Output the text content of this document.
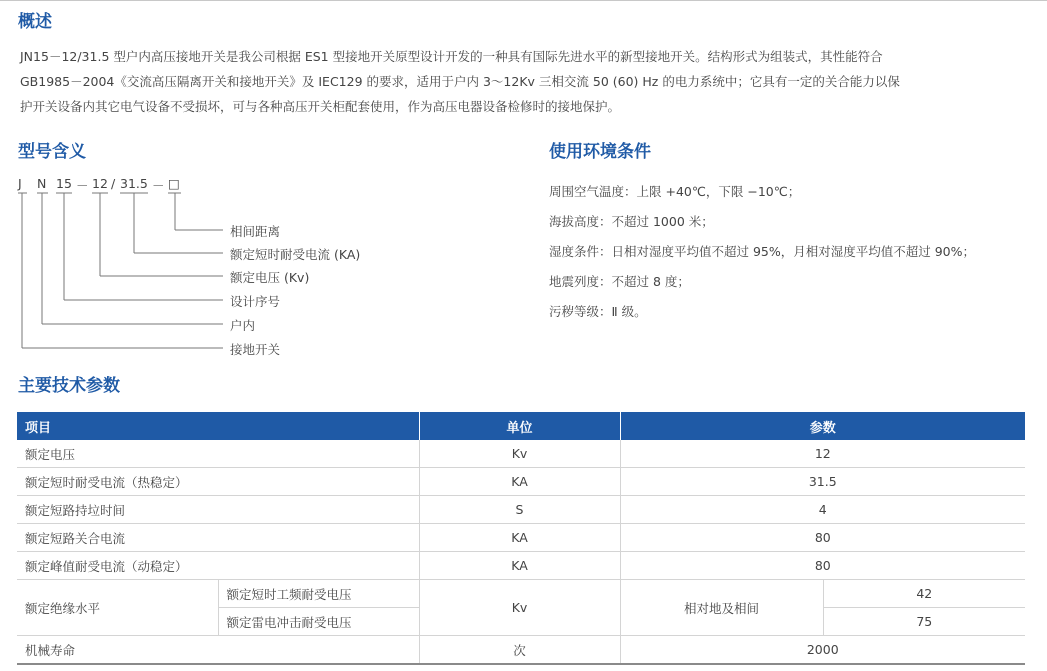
概述
JN15－12/31.5 型户内高压接地开关是我公司根据 ES1 型接地开关原型设计开发的一种具有国际先进水平的新型接地开关。结构形式为组装式，其性能符合
GB1985－2004《交流高压隔离开关和接地开关》及 IEC129 的要求，适用于户内 3～12Kv 三相交流 50 (60) Hz 的电力系统中；它具有一定的关合能力以保
护开关设备内其它电气设备不受损坏，可与各种高压开关柜配套使用，作为高压电器设备检修时的接地保护。
型号含义
J N 15 － 12 / 31.5 － □
相间距离
额定短时耐受电流 (KA)
额定电压 (Kv)
设计序号
户内
接地开关
使用环境条件
周围空气温度：上限 +40℃，下限 −10℃；
海拔高度：不超过 1000 米；
湿度条件：日相对湿度平均值不超过 95%，月相对湿度平均值不超过 90%；
地震列度：不超过 8 度；
污秽等级：Ⅱ 级。
主要技术参数
项目		单位	参数	
额定电压		Kv	12	
额定短时耐受电流（热稳定）		KA	31.5	
额定短路持垃时间		S	4	
额定短路关合电流		KA	80	
额定峰值耐受电流（动稳定）		KA	80	
额定绝缘水平	额定短时工频耐受电压	Kv	相对地及相间	42
	额定雷电冲击耐受电压			75
机械寿命		次	2000	
